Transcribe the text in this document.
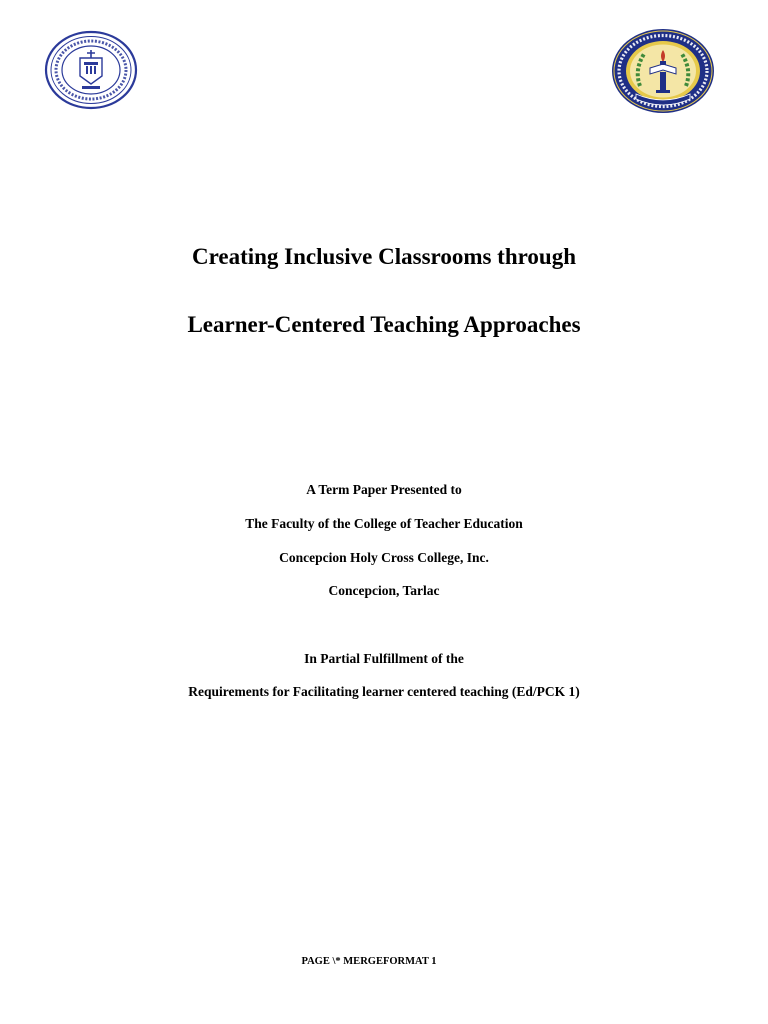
Creating Inclusive Classrooms through
Learner-Centered Teaching Approaches
A Term Paper Presented to
The Faculty of the College of Teacher Education
Concepcion Holy Cross College, Inc.
Concepcion, Tarlac
In Partial Fulfillment of the
Requirements for Facilitating learner centered teaching (Ed/PCK 1)
PAGE \* MERGEFORMAT 1
